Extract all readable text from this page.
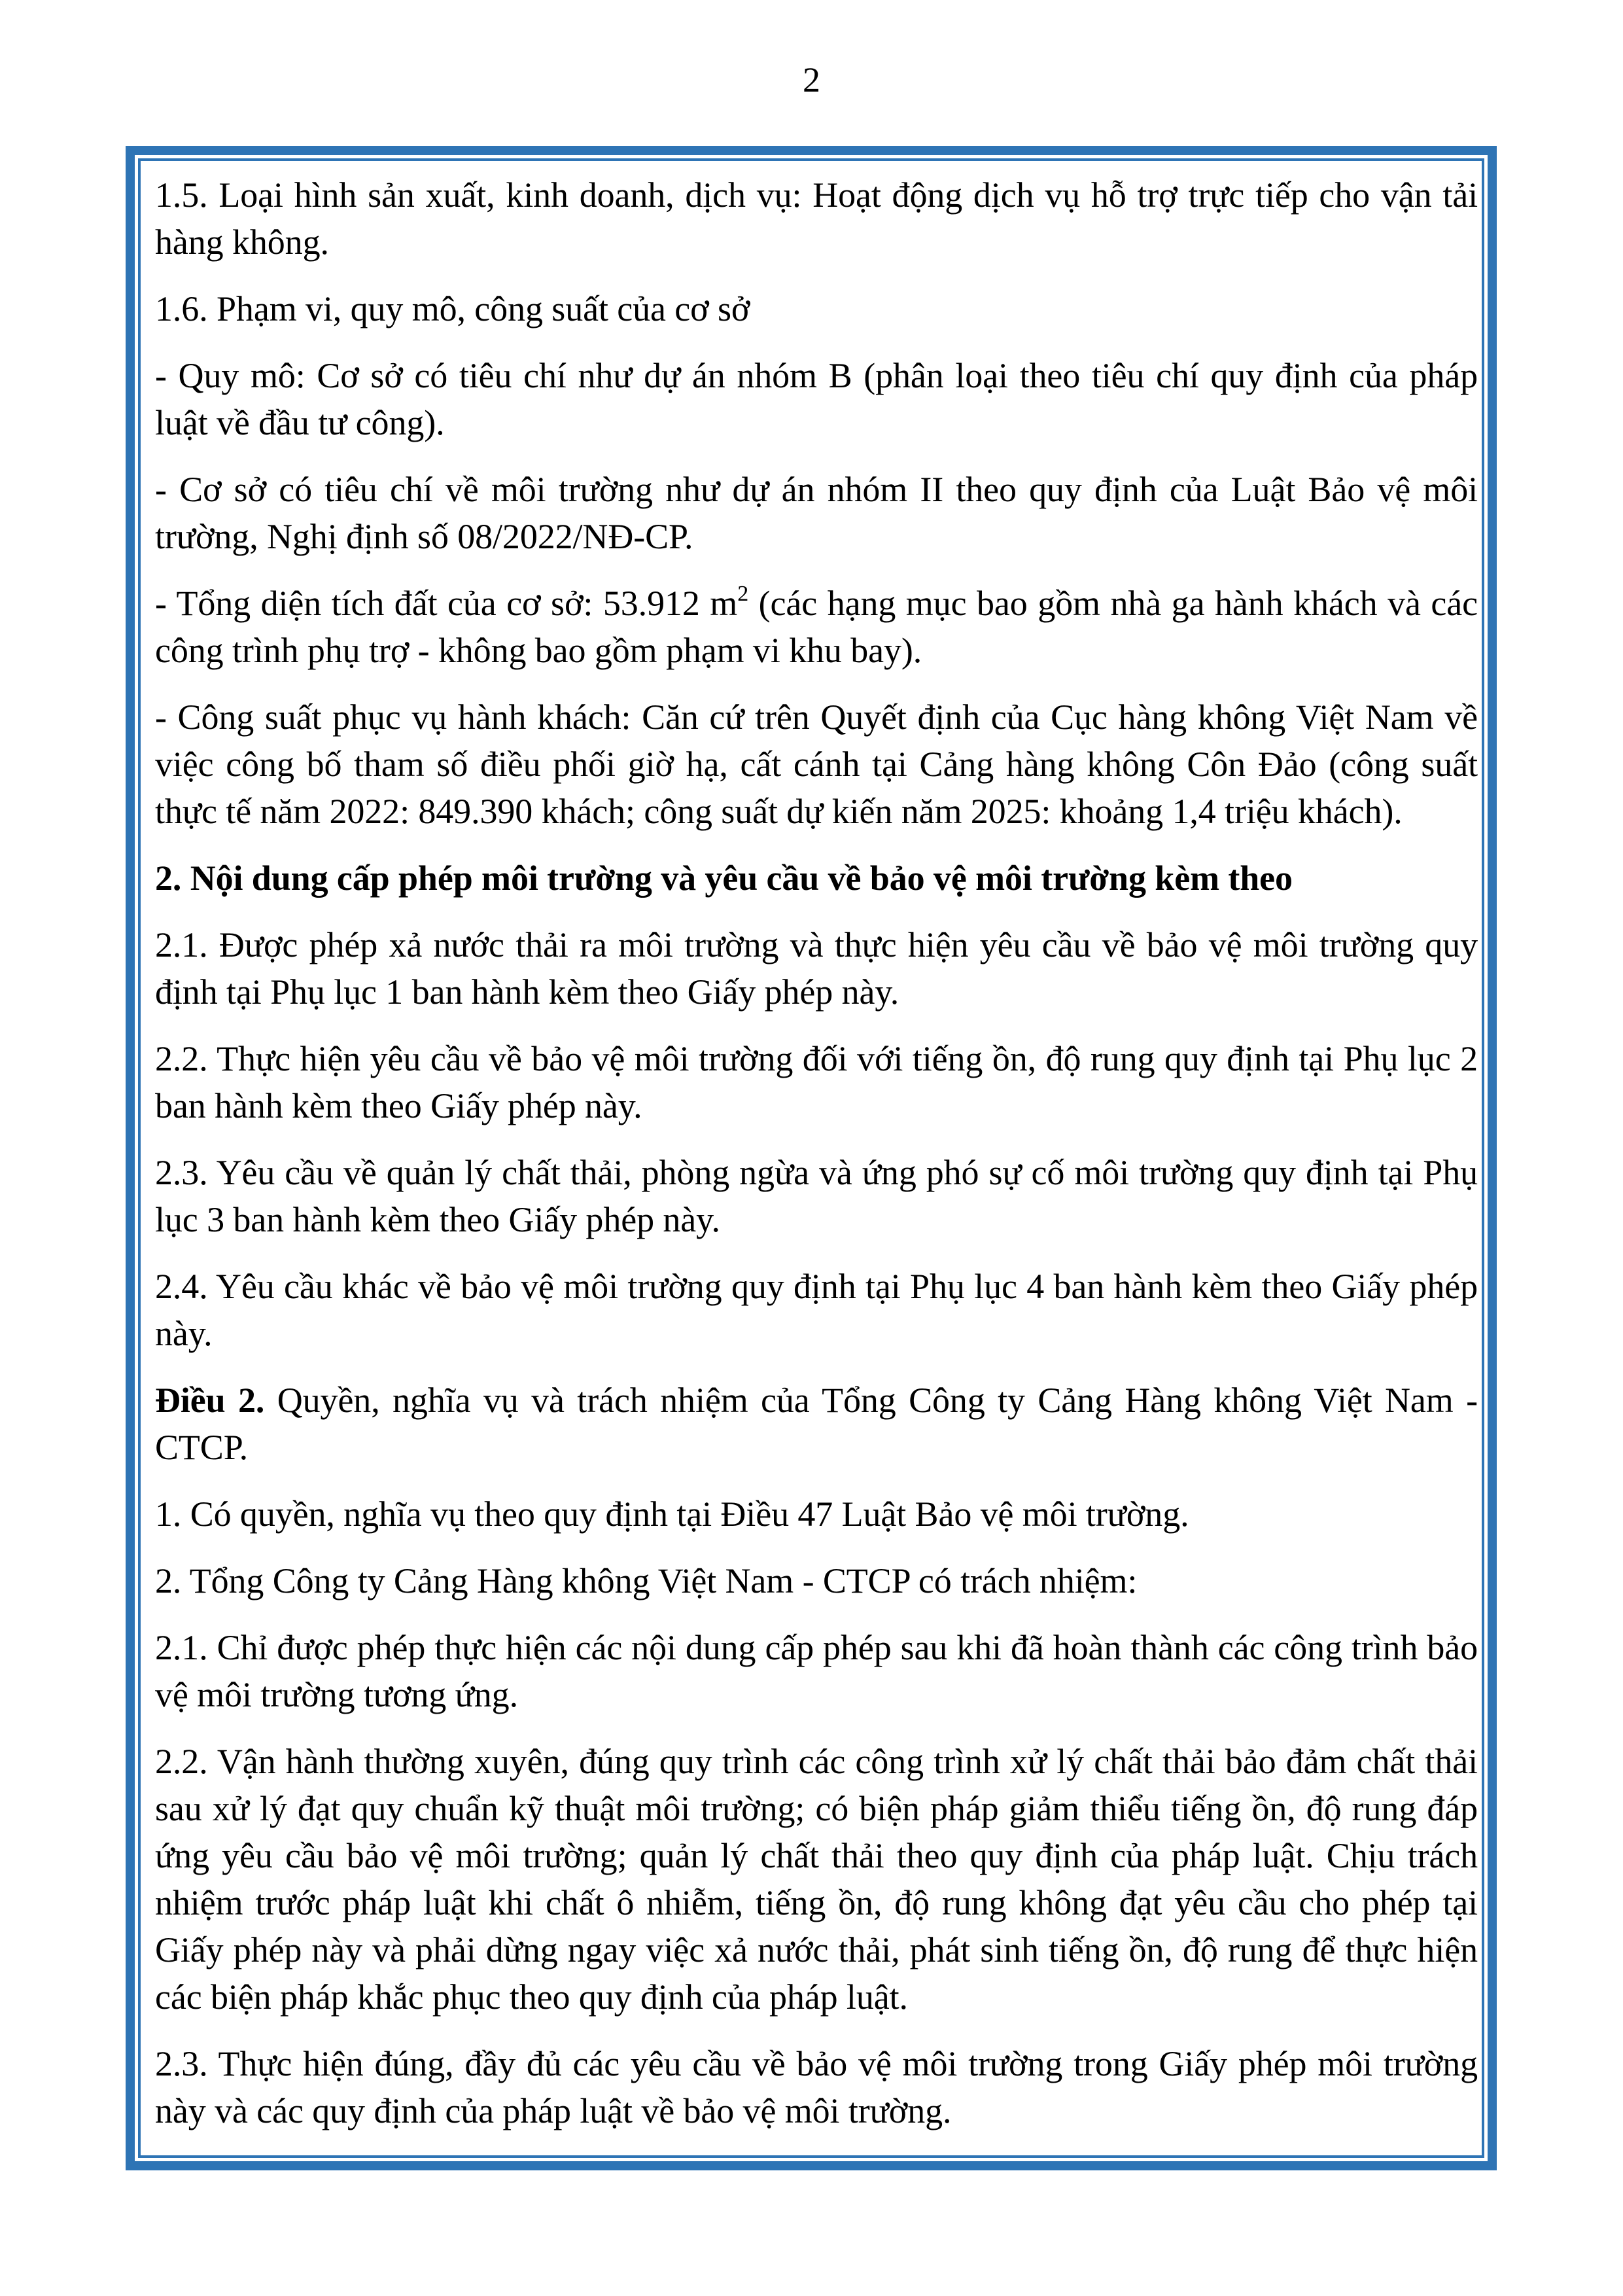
2

1.5. Loại hình sản xuất, kinh doanh, dịch vụ: Hoạt động dịch vụ hỗ trợ trực tiếp cho vận tải hàng không.

1.6. Phạm vi, quy mô, công suất của cơ sở

- Quy mô: Cơ sở có tiêu chí như dự án nhóm B (phân loại theo tiêu chí quy định của pháp luật về đầu tư công).

- Cơ sở có tiêu chí về môi trường như dự án nhóm II theo quy định của Luật Bảo vệ môi trường, Nghị định số 08/2022/NĐ-CP.

- Tổng diện tích đất của cơ sở: 53.912 $m^2$ (các hạng mục bao gồm nhà ga hành khách và các công trình phụ trợ - không bao gồm phạm vi khu bay).

- Công suất phục vụ hành khách: Căn cứ trên Quyết định của Cục hàng không Việt Nam về việc công bố tham số điều phối giờ hạ, cất cánh tại Cảng hàng không Côn Đảo (công suất thực tế năm 2022: 849.390 khách; công suất dự kiến năm 2025: khoảng 1,4 triệu khách).

2. Nội dung cấp phép môi trường và yêu cầu về bảo vệ môi trường kèm theo

2.1. Được phép xả nước thải ra môi trường và thực hiện yêu cầu về bảo vệ môi trường quy định tại Phụ lục 1 ban hành kèm theo Giấy phép này.

2.2. Thực hiện yêu cầu về bảo vệ môi trường đối với tiếng ồn, độ rung quy định tại Phụ lục 2 ban hành kèm theo Giấy phép này.

2.3. Yêu cầu về quản lý chất thải, phòng ngừa và ứng phó sự cố môi trường quy định tại Phụ lục 3 ban hành kèm theo Giấy phép này.

2.4. Yêu cầu khác về bảo vệ môi trường quy định tại Phụ lục 4 ban hành kèm theo Giấy phép này.

Điều 2. Quyền, nghĩa vụ và trách nhiệm của Tổng Công ty Cảng Hàng không Việt Nam - CTCP.

1. Có quyền, nghĩa vụ theo quy định tại Điều 47 Luật Bảo vệ môi trường.

2. Tổng Công ty Cảng Hàng không Việt Nam - CTCP có trách nhiệm:

2.1. Chỉ được phép thực hiện các nội dung cấp phép sau khi đã hoàn thành các công trình bảo vệ môi trường tương ứng.

2.2. Vận hành thường xuyên, đúng quy trình các công trình xử lý chất thải bảo đảm chất thải sau xử lý đạt quy chuẩn kỹ thuật môi trường; có biện pháp giảm thiểu tiếng ồn, độ rung đáp ứng yêu cầu bảo vệ môi trường; quản lý chất thải theo quy định của pháp luật. Chịu trách nhiệm trước pháp luật khi chất ô nhiễm, tiếng ồn, độ rung không đạt yêu cầu cho phép tại Giấy phép này và phải dừng ngay việc xả nước thải, phát sinh tiếng ồn, độ rung để thực hiện các biện pháp khắc phục theo quy định của pháp luật.

2.3. Thực hiện đúng, đầy đủ các yêu cầu về bảo vệ môi trường trong Giấy phép môi trường này và các quy định của pháp luật về bảo vệ môi trường.
